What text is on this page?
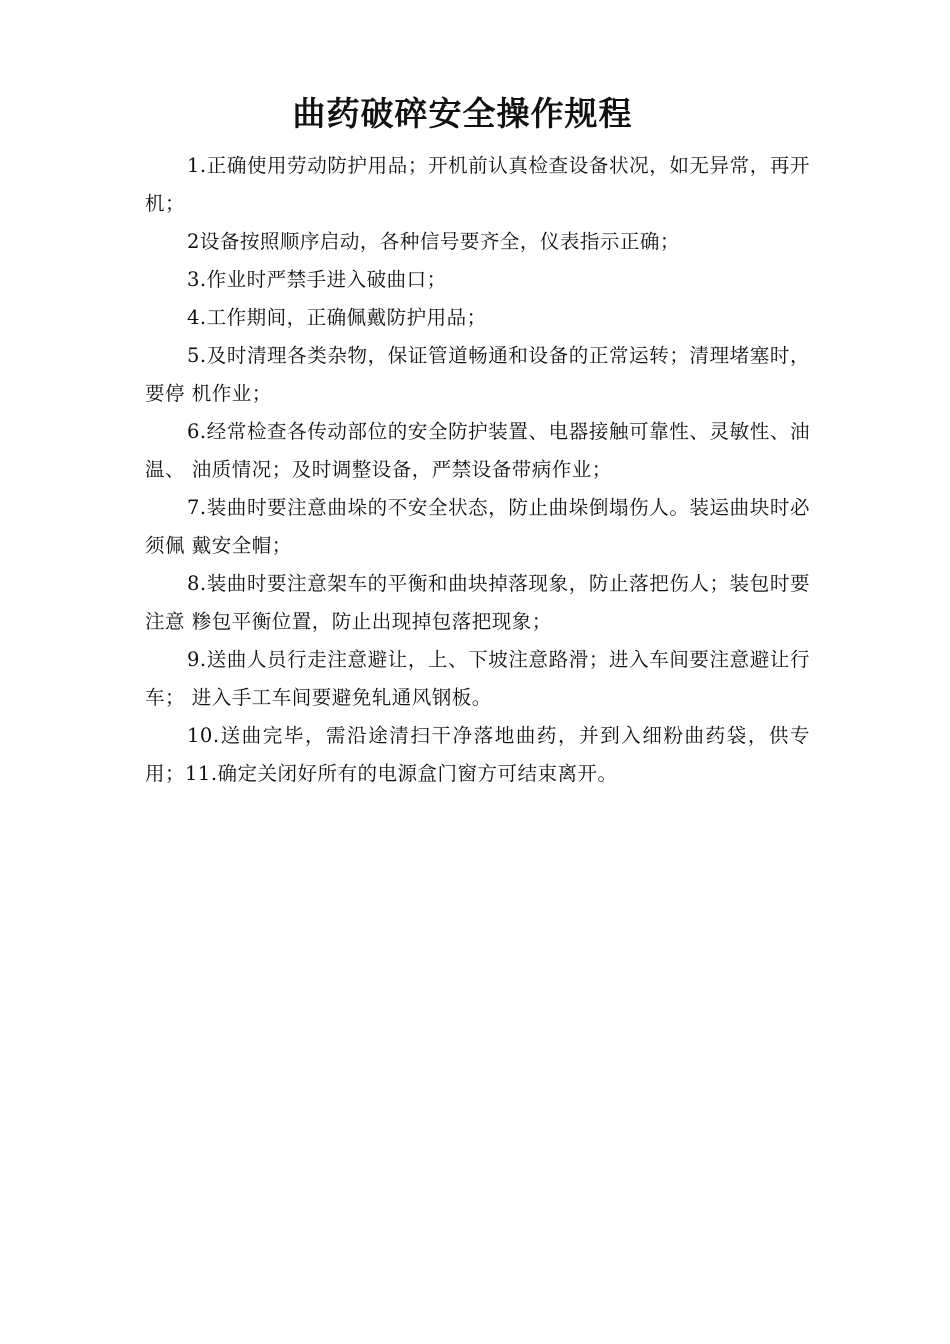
曲药破碎安全操作规程

1.正确使用劳动防护用品；开机前认真检查设备状况，如无异常，再开机；

2设备按照顺序启动，各种信号要齐全，仪表指示正确；

3.作业时严禁手进入破曲口；

4.工作期间，正确佩戴防护用品；

5.及时清理各类杂物，保证管道畅通和设备的正常运转；清理堵塞时，要停 机作业；

6.经常检查各传动部位的安全防护装置、电器接触可靠性、灵敏性、油温、 油质情况；及时调整设备，严禁设备带病作业；

7.装曲时要注意曲垛的不安全状态，防止曲垛倒塌伤人。装运曲块时必须佩 戴安全帽；

8.装曲时要注意架车的平衡和曲块掉落现象，防止落把伤人；装包时要注意 糁包平衡位置，防止出现掉包落把现象；

9.送曲人员行走注意避让，上、下坡注意路滑；进入车间要注意避让行车； 进入手工车间要避免轧通风钢板。

10.送曲完毕，需沿途清扫干净落地曲药，并到入细粉曲药袋，供专用；11.确定关闭好所有的电源盒门窗方可结束离开。
